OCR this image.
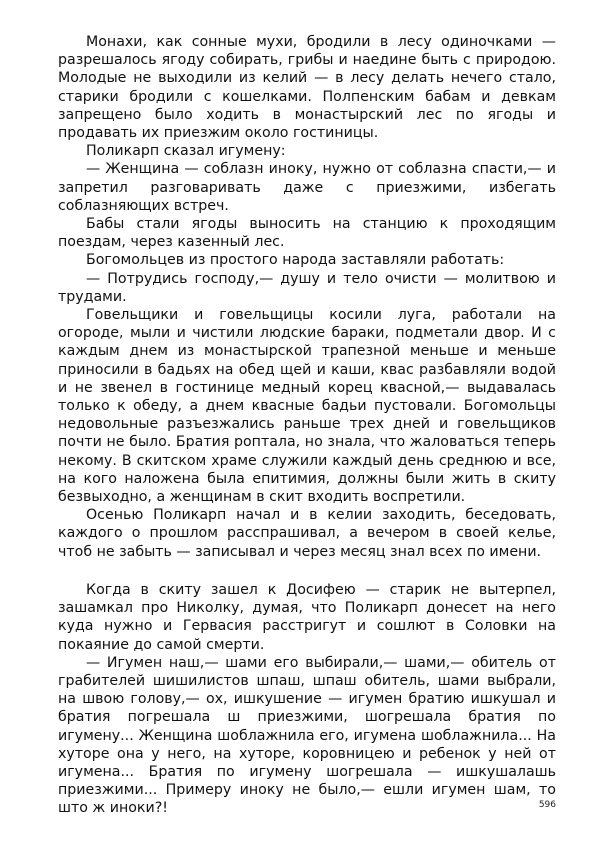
Монахи, как сонные мухи, бродили в лесу одиночками — разрешалось ягоду собирать, грибы и наедине быть с природою. Молодые не выходили из келий — в лесу делать нечего стало, старики бродили с кошелками. Полпенским бабам и девкам запрещено было ходить в монастырский лес по ягоды и продавать их приезжим около гостиницы.

Поликарп сказал игумену:

— Женщина — соблазн иноку, нужно от соблазна спасти,— и запретил разговаривать даже с приезжими, избегать соблазняющих встреч.

Бабы стали ягоды выносить на станцию к проходящим поездам, через казенный лес.

Богомольцев из простого народа заставляли работать:

— Потрудись господу,— душу и тело очисти — молитвою и трудами.

Говельщики и говельщицы косили луга, работали на огороде, мыли и чистили людские бараки, подметали двор. И с каждым днем из монастырской трапезной меньше и меньше приносили в бадьях на обед щей и каши, квас разбавляли водой и не звенел в гостинице медный корец квасной,— выдавалась только к обеду, а днем квасные бадьи пустовали. Богомольцы недовольные разъезжались раньше трех дней и говельщиков почти не было. Братия роптала, но знала, что жаловаться теперь некому. В скитском храме служили каждый день среднюю и все, на кого наложена была епитимия, должны были жить в скиту безвыходно, а женщинам в скит входить воспретили.

Осенью Поликарп начал и в келии заходить, беседовать, каждого о прошлом расспрашивал, а вечером в своей келье, чтоб не забыть — записывал и через месяц знал всех по имени.

Когда в скиту зашел к Досифею — старик не вытерпел, зашамкал про Николку, думая, что Поликарп донесет на него куда нужно и Гервасия расстригут и сошлют в Соловки на покаяние до самой смерти.

— Игумен наш,— шами его выбирали,— шами,— обитель от грабителей шишилистов шпаш, шпаш обитель, шами выбрали, на швою голову,— ох, ишкушение — игумен братию ишкушал и братия погрешала ш приезжими, шогрешала братия по игумену... Женщина шоблажнила его, игумена шоблажнила... На хуторе она у него, на хуторе, коровницею и ребенок у ней от игумена... Братия по игумену шогрешала — ишкушалашь приезжими... Примеру иноку не было,— ешли игумен шам, то што ж иноки?!	596
